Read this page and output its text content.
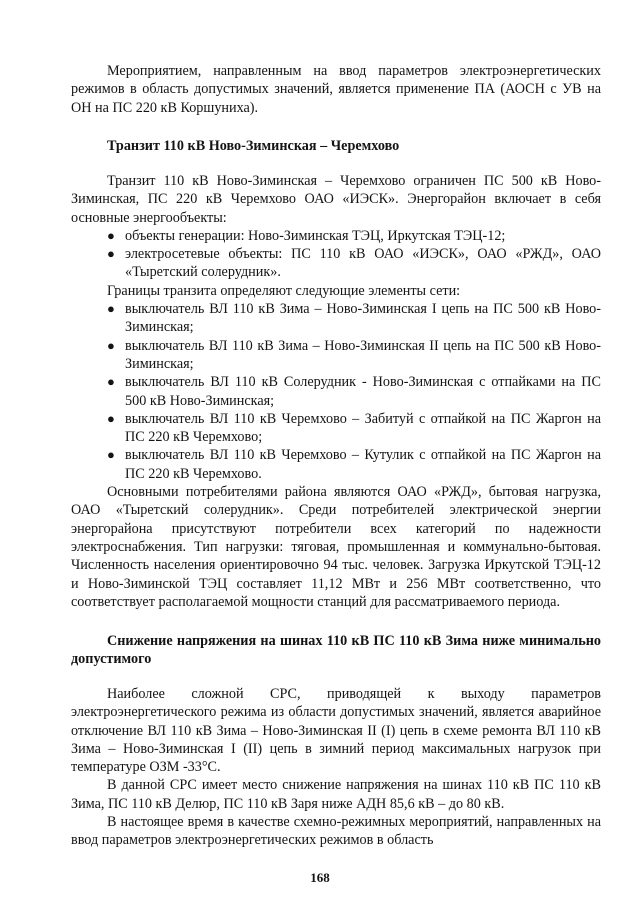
Мероприятием, направленным на ввод параметров электроэнергетических режимов в область допустимых значений, является применение ПА (АОСН с УВ на ОН на ПС 220 кВ Коршуниха).

Транзит 110 кВ Ново-Зиминская – Черемхово

Транзит 110 кВ Ново-Зиминская – Черемхово ограничен ПС 500 кВ Ново-Зиминская, ПС 220 кВ Черемхово ОАО «ИЭСК». Энергорайон включает в себя основные энергообъекты:

● объекты генерации: Ново-Зиминская ТЭЦ, Иркутская ТЭЦ-12;
● электросетевые объекты: ПС 110 кВ ОАО «ИЭСК», ОАО «РЖД», ОАО «Тыретский солерудник».

Границы транзита определяют следующие элементы сети:

● выключатель ВЛ 110 кВ Зима – Ново-Зиминская I цепь на ПС 500 кВ Ново-Зиминская;
● выключатель ВЛ 110 кВ Зима – Ново-Зиминская II цепь на ПС 500 кВ Ново-Зиминская;
● выключатель ВЛ 110 кВ Солерудник - Ново-Зиминская с отпайками на ПС 500 кВ Ново-Зиминская;
● выключатель ВЛ 110 кВ Черемхово – Забитуй с отпайкой на ПС Жаргон на ПС 220 кВ Черемхово;
● выключатель ВЛ 110 кВ Черемхово – Кутулик с отпайкой на ПС Жаргон на ПС 220 кВ Черемхово.

Основными потребителями района являются ОАО «РЖД», бытовая нагрузка, ОАО «Тыретский солерудник». Среди потребителей электрической энергии энергорайона присутствуют потребители всех категорий по надежности электроснабжения. Тип нагрузки: тяговая, промышленная и коммунально-бытовая. Численность населения ориентировочно 94 тыс. человек. Загрузка Иркутской ТЭЦ-12 и Ново-Зиминской ТЭЦ составляет 11,12 МВт и 256 МВт соответственно, что соответствует располагаемой мощности станций для рассматриваемого периода.

Снижение напряжения на шинах 110 кВ ПС 110 кВ Зима ниже минимально допустимого

Наиболее сложной СРС, приводящей к выходу параметров электроэнергетического режима из области допустимых значений, является аварийное отключение ВЛ 110 кВ Зима – Ново-Зиминская II (I) цепь в схеме ремонта ВЛ 110 кВ Зима – Ново-Зиминская I (II) цепь в зимний период максимальных нагрузок при температуре ОЗМ -33°С.

В данной СРС имеет место снижение напряжения на шинах 110 кВ ПС 110 кВ Зима, ПС 110 кВ Делюр, ПС 110 кВ Заря ниже АДН 85,6 кВ – до 80 кВ.

В настоящее время в качестве схемно-режимных мероприятий, направленных на ввод параметров электроэнергетических режимов в область

168
